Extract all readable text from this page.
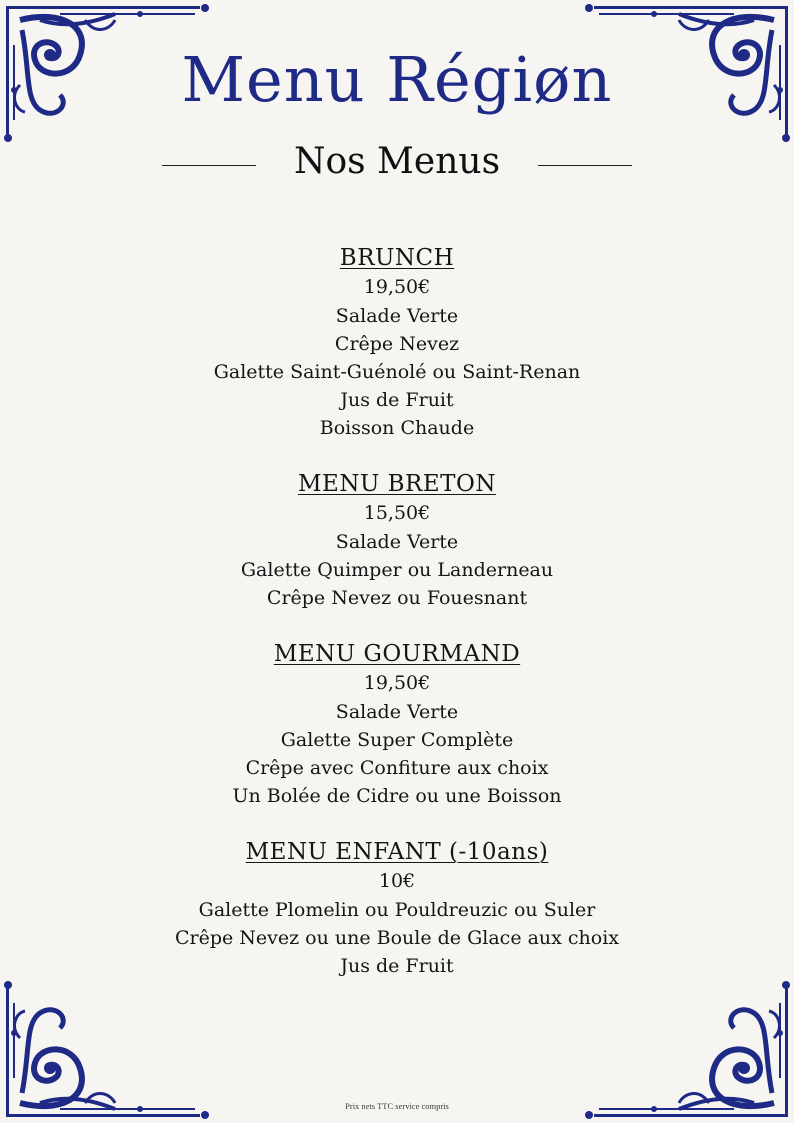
Menu Régiøn
Nos Menus
BRUNCH
19,50€
Salade Verte
Crêpe Nevez
Galette Saint-Guénolé ou Saint-Renan
Jus de Fruit
Boisson Chaude
MENU BRETON
15,50€
Salade Verte
Galette Quimper ou Landerneau
Crêpe Nevez ou Fouesnant
MENU GOURMAND
19,50€
Salade Verte
Galette Super Complète
Crêpe avec Confiture aux choix
Un Bolée de Cidre ou une Boisson
MENU ENFANT (-10ans)
10€
Galette Plomelin ou Pouldreuzic ou Suler
Crêpe Nevez ou une Boule de Glace aux choix
Jus de Fruit
Prix nets TTC service compris
